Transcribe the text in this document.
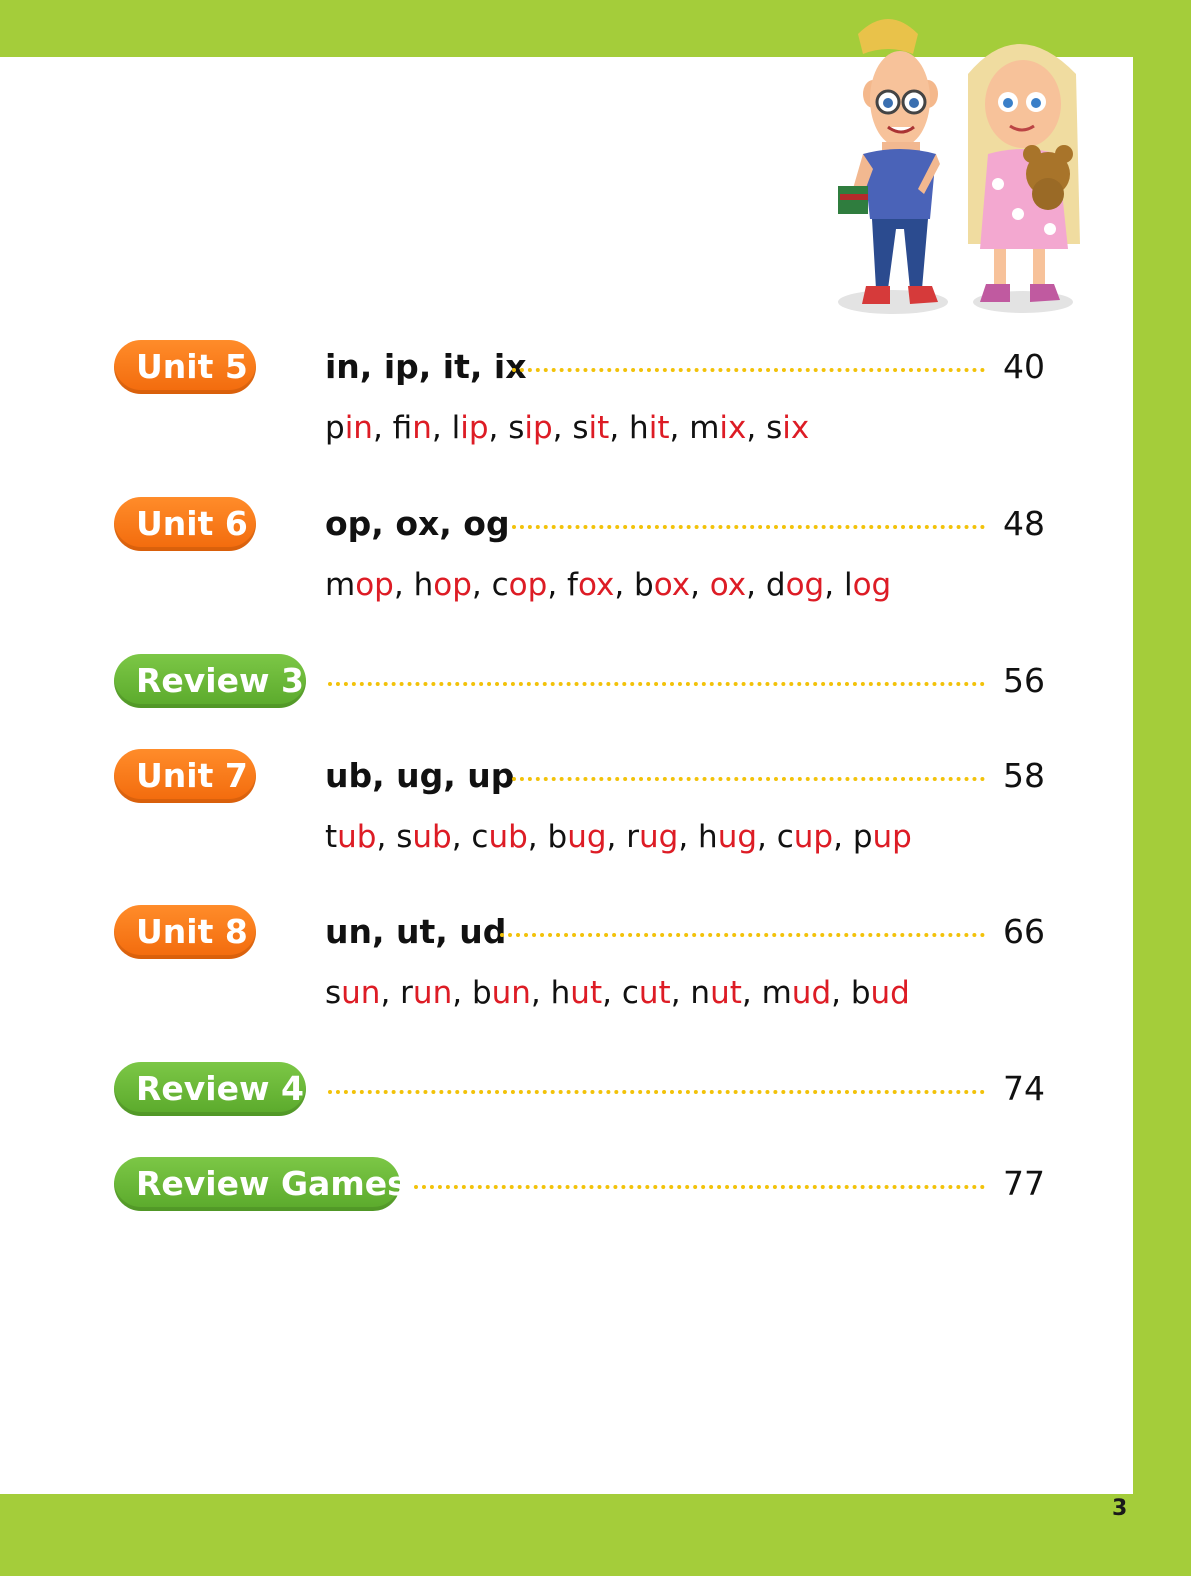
Unit 5 in, ip, it, ix	40
pin, fin, lip, sip, sit, hit, mix, six
Unit 6 op, ox, og	48
mop, hop, cop, fox, box, ox, dog, log
Review 3	56
Unit 7 ub, ug, up	58
tub, sub, cub, bug, rug, hug, cup, pup
Unit 8 un, ut, ud	66
sun, run, bun, hut, cut, nut, mud, bud
Review 4	74
Review Games	77
3
